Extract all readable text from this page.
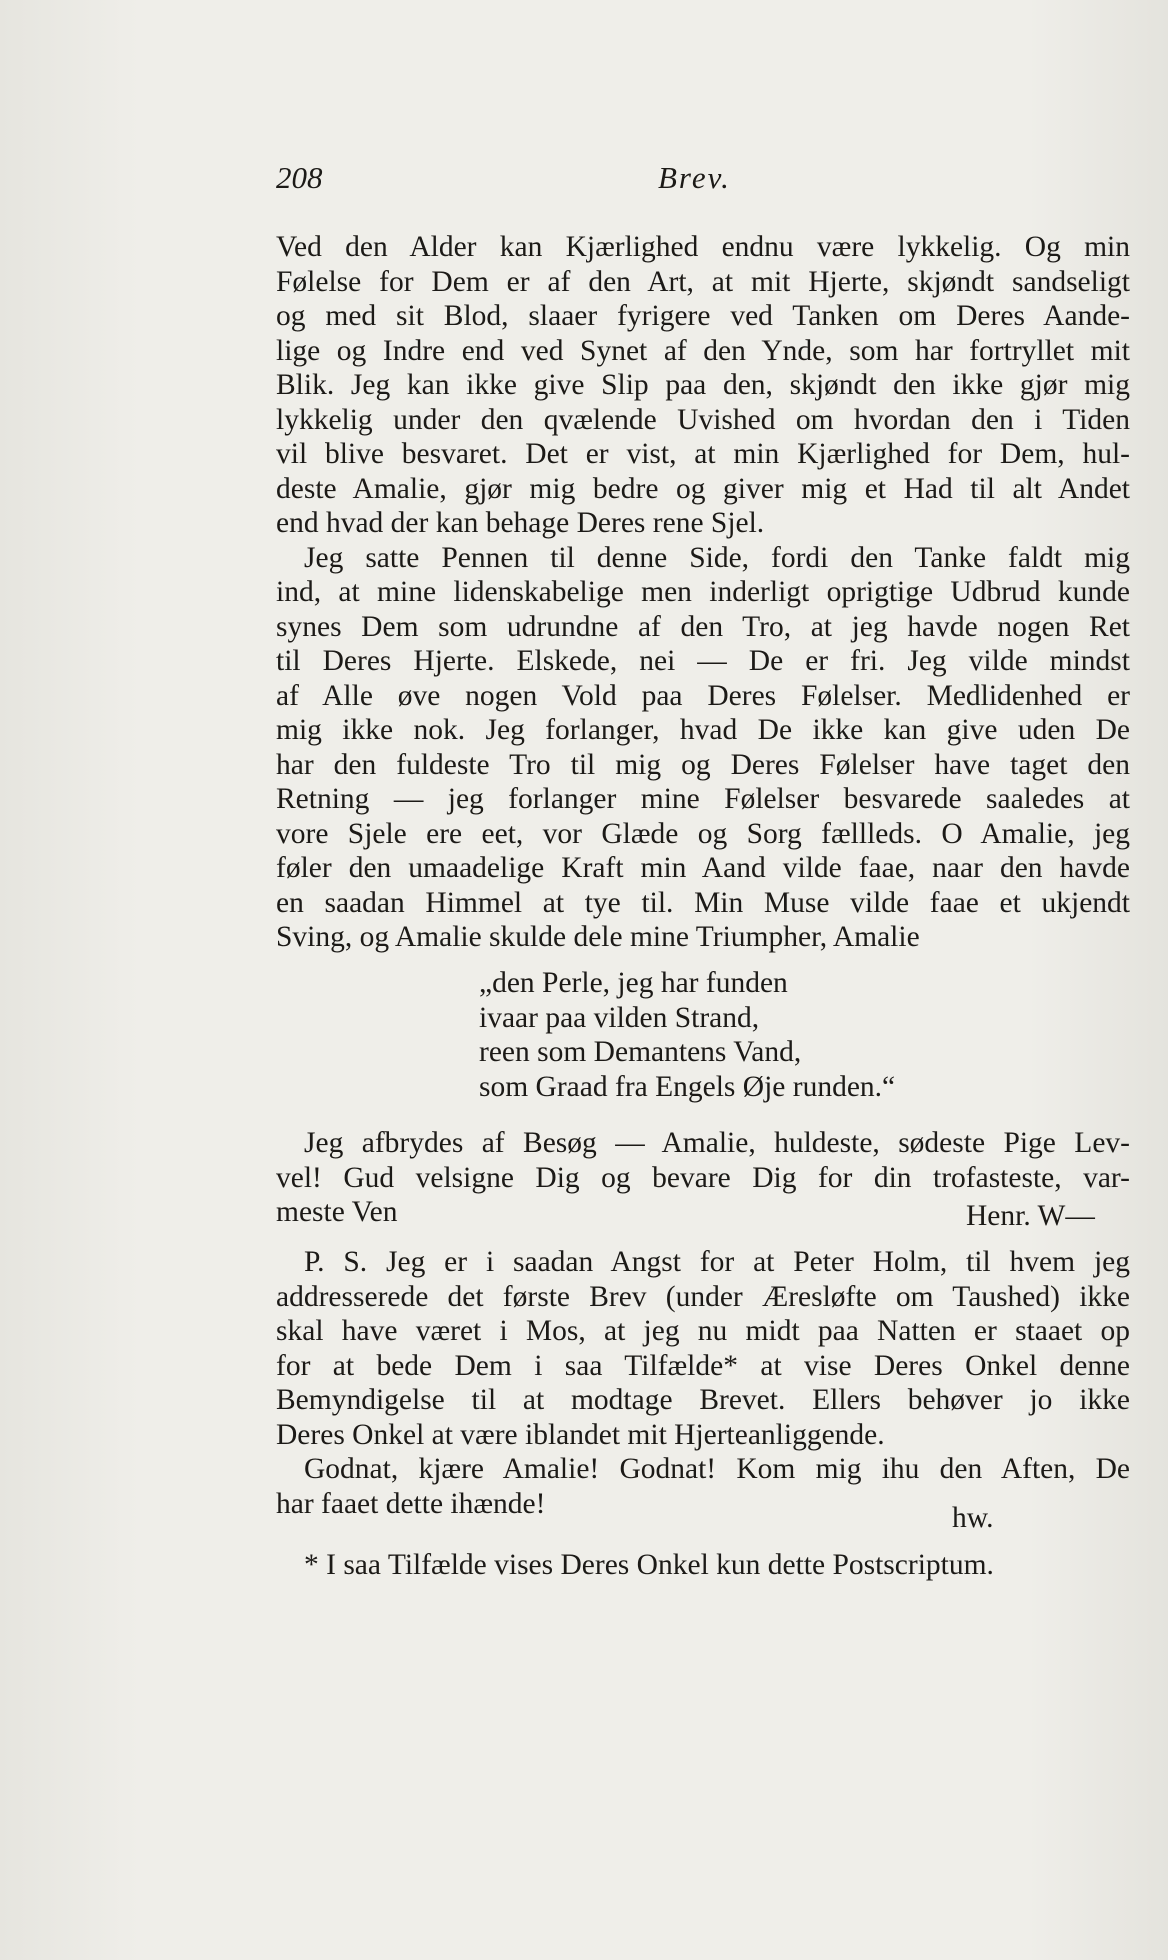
208	Brev.
Ved den Alder kan Kjærlighed endnu være lykkelig. Og min
Følelse for Dem er af den Art, at mit Hjerte, skjøndt sandseligt
og med sit Blod, slaaer fyrigere ved Tanken om Deres Aande-
lige og Indre end ved Synet af den Ynde, som har fortryllet mit
Blik. Jeg kan ikke give Slip paa den, skjøndt den ikke gjør mig
lykkelig under den qvælende Uvished om hvordan den i Tiden
vil blive besvaret. Det er vist, at min Kjærlighed for Dem, hul-
deste Amalie, gjør mig bedre og giver mig et Had til alt Andet
end hvad der kan behage Deres rene Sjel.
Jeg satte Pennen til denne Side, fordi den Tanke faldt mig
ind, at mine lidenskabelige men inderligt oprigtige Udbrud kunde
synes Dem som udrundne af den Tro, at jeg havde nogen Ret
til Deres Hjerte. Elskede, nei — De er fri. Jeg vilde mindst
af Alle øve nogen Vold paa Deres Følelser. Medlidenhed er
mig ikke nok. Jeg forlanger, hvad De ikke kan give uden De
har den fuldeste Tro til mig og Deres Følelser have taget den
Retning — jeg forlanger mine Følelser besvarede saaledes at
vore Sjele ere eet, vor Glæde og Sorg fællleds. O Amalie, jeg
føler den umaadelige Kraft min Aand vilde faae, naar den havde
en saadan Himmel at tye til. Min Muse vilde faae et ukjendt
Sving, og Amalie skulde dele mine Triumpher, Amalie
„den Perle, jeg har funden
ivaar paa vilden Strand,
reen som Demantens Vand,
som Graad fra Engels Øje runden.“
Jeg afbrydes af Besøg — Amalie, huldeste, sødeste Pige Lev-
vel! Gud velsigne Dig og bevare Dig for din trofasteste, var-
meste Ven	Henr. W—
P. S. Jeg er i saadan Angst for at Peter Holm, til hvem jeg
addresserede det første Brev (under Æresløfte om Taushed) ikke
skal have været i Mos, at jeg nu midt paa Natten er staaet op
for at bede Dem i saa Tilfælde* at vise Deres Onkel denne
Bemyndigelse til at modtage Brevet. Ellers behøver jo ikke
Deres Onkel at være iblandet mit Hjerteanliggende.
Godnat, kjære Amalie! Godnat! Kom mig ihu den Aften, De
har faaet dette ihænde!	hw.
* I saa Tilfælde vises Deres Onkel kun dette Postscriptum.
